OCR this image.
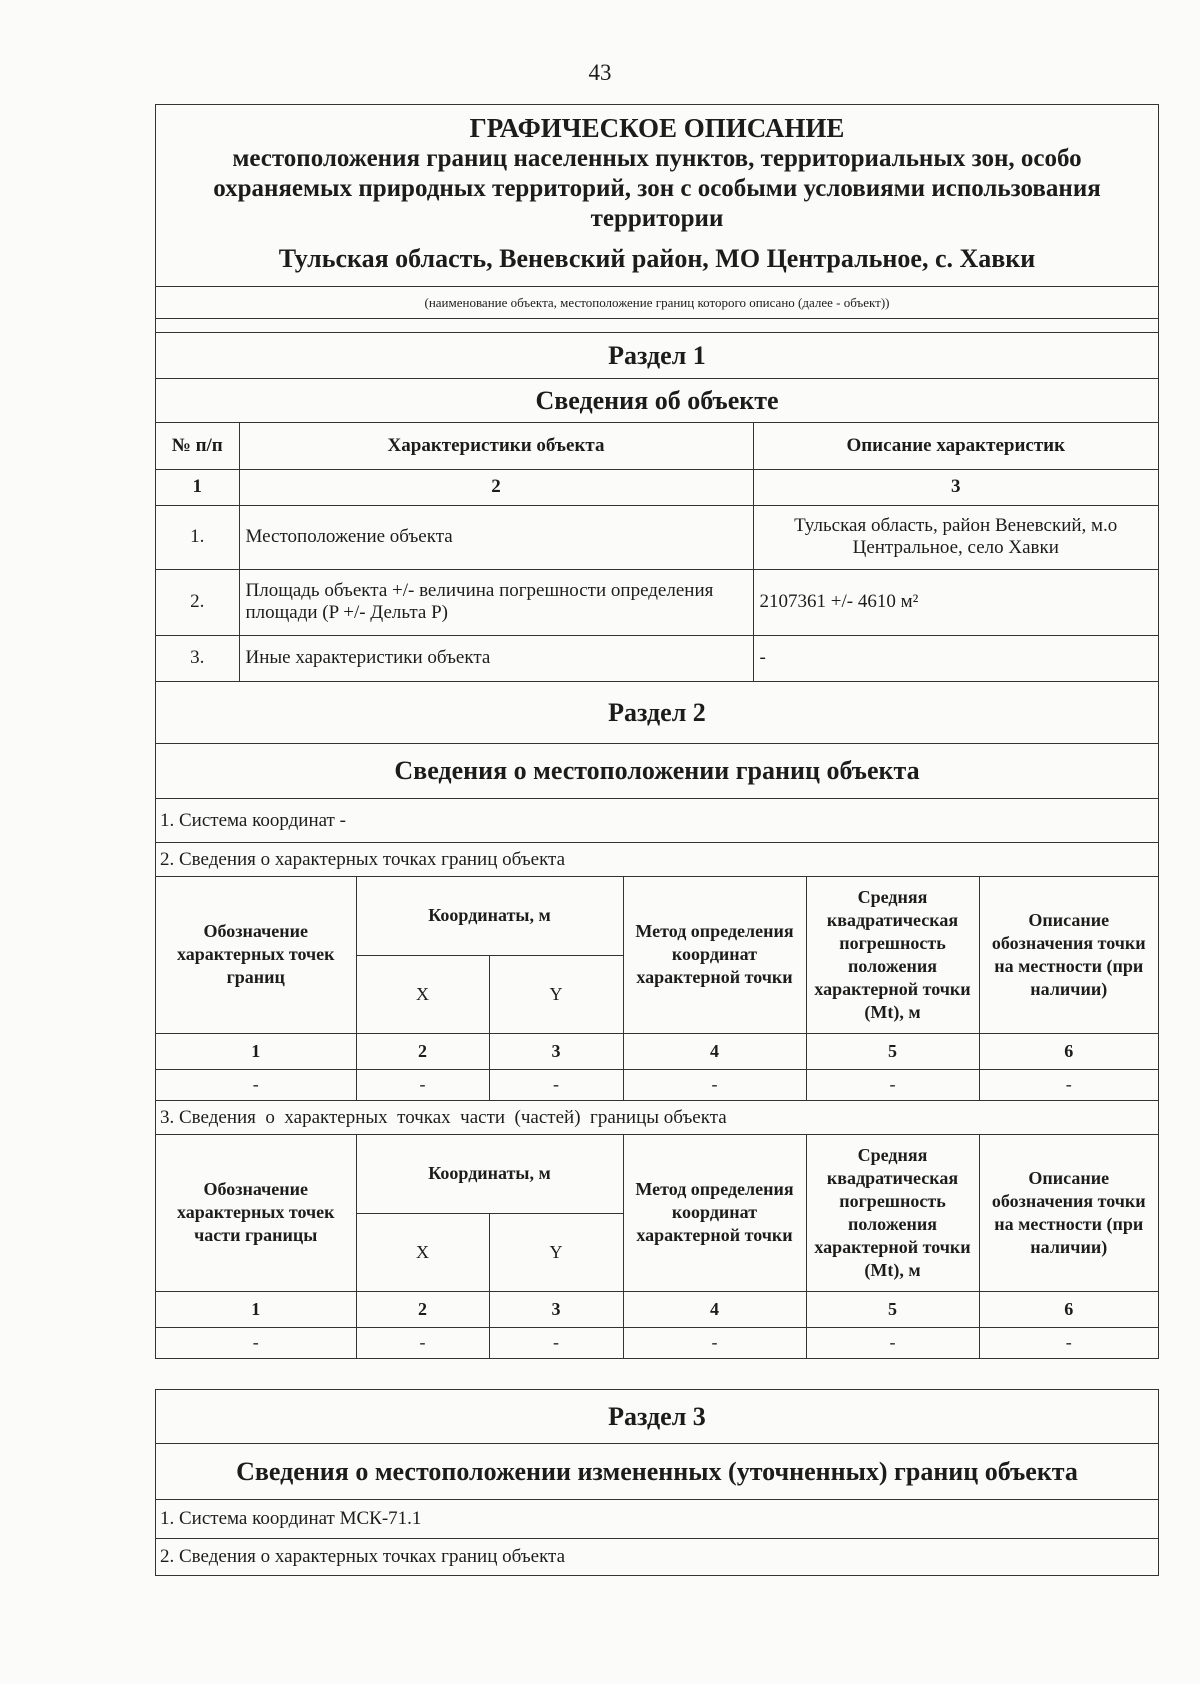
43
ГРАФИЧЕСКОЕ ОПИСАНИЕ
местоположения границ населенных пунктов, территориальных зон, особо
охраняемых природных территорий, зон с особыми условиями использования
территории
Тульская область, Веневский район, МО Центральное, с. Хавки
(наименование объекта, местоположение границ которого описано (далее - объект))
Раздел 1
Сведения об объекте
№ п/п	Характеристики объекта	Описание характеристик
1	2	3
1.	Местоположение объекта	Тульская область, район Веневский, м.о Центральное, село Хавки
2.	Площадь объекта +/- величина погрешности определения площади (P +/- Дельта P)	2107361 +/- 4610 м²
3.	Иные характеристики объекта	-
Раздел 2
Сведения о местоположении границ объекта
1. Система координат -
2. Сведения о характерных точках границ объекта
Обозначение характерных точек границ	Координаты, м		Метод определения координат характерной точки	Средняя квадратическая погрешность положения характерной точки (Mt), м	Описание обозначения точки на местности (при наличии)
	X	Y			
1	2	3	4	5	6
-	-	-	-	-	-
3. Сведения  о  характерных  точках  части  (частей)  границы объекта
Обозначение характерных точек части границы	Координаты, м		Метод определения координат характерной точки	Средняя квадратическая погрешность положения характерной точки (Mt), м	Описание обозначения точки на местности (при наличии)
	X	Y			
1	2	3	4	5	6
-	-	-	-	-	-
Раздел 3
Сведения о местоположении измененных (уточненных) границ объекта
1. Система координат МСК-71.1
2. Сведения о характерных точках границ объекта
